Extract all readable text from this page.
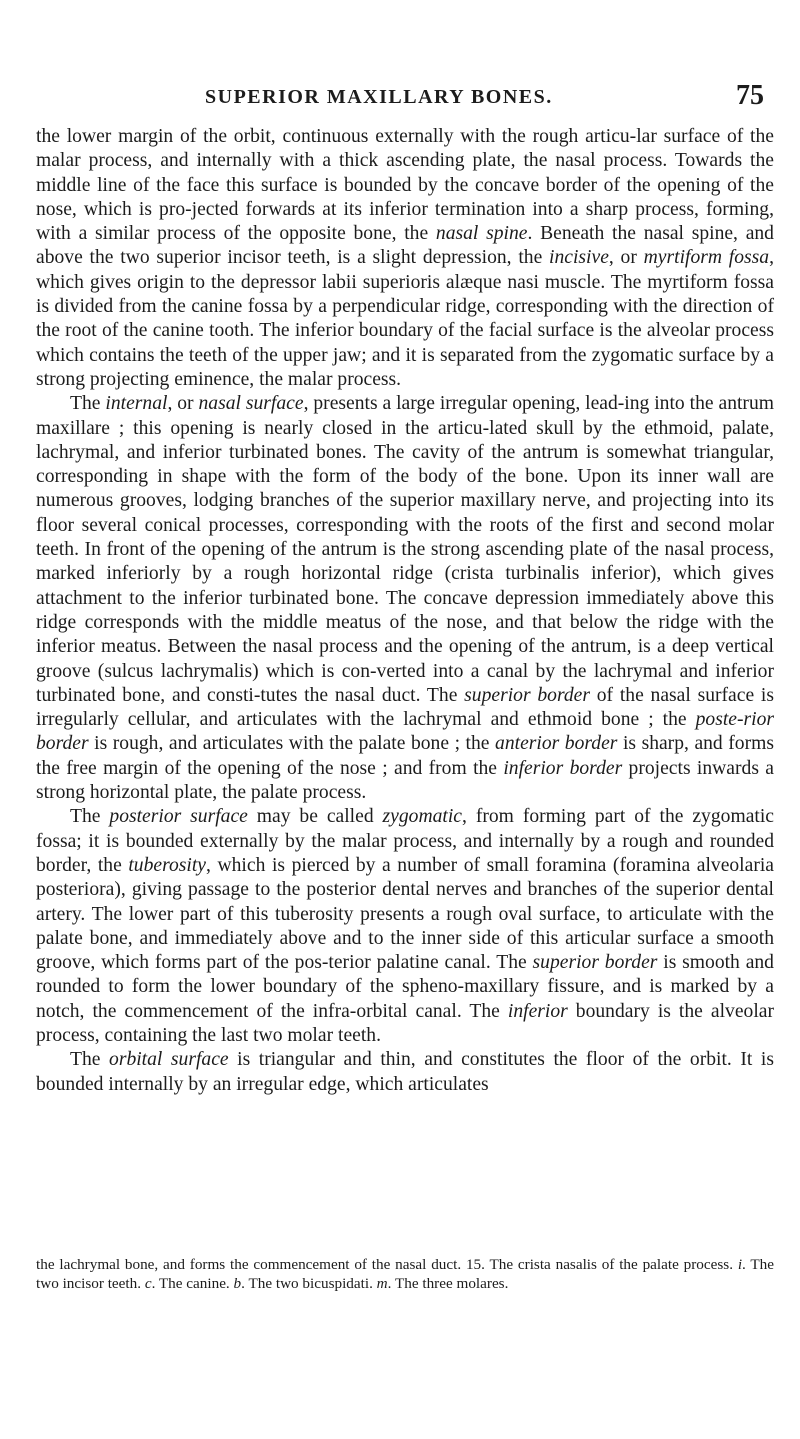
SUPERIOR MAXILLARY BONES.	75

the lower margin of the orbit, continuous externally with the rough articu-lar surface of the malar process, and internally with a thick ascending plate, the nasal process. Towards the middle line of the face this surface is bounded by the concave border of the opening of the nose, which is pro-jected forwards at its inferior termination into a sharp process, forming, with a similar process of the opposite bone, the nasal spine. Beneath the nasal spine, and above the two superior incisor teeth, is a slight depression, the incisive, or myrtiform fossa, which gives origin to the depressor labii superioris alæque nasi muscle. The myrtiform fossa is divided from the canine fossa by a perpendicular ridge, corresponding with the direction of the root of the canine tooth. The inferior boundary of the facial surface is the alveolar process which contains the teeth of the upper jaw; and it is separated from the zygomatic surface by a strong projecting eminence, the malar process.

The internal, or nasal surface, presents a large irregular opening, lead-ing into the antrum maxillare ; this opening is nearly closed in the articu-lated skull by the ethmoid, palate, lachrymal, and inferior turbinated bones. The cavity of the antrum is somewhat triangular, corresponding in shape with the form of the body of the bone. Upon its inner wall are numerous grooves, lodging branches of the superior maxillary nerve, and projecting into its floor several conical processes, corresponding with the roots of the first and second molar teeth. In front of the opening of the antrum is the strong ascending plate of the nasal process, marked inferiorly by a rough horizontal ridge (crista turbinalis inferior), which gives attachment to the inferior turbinated bone. The concave depression immediately above this ridge corresponds with the middle meatus of the nose, and that below the ridge with the inferior meatus. Between the nasal process and the opening of the antrum, is a deep vertical groove (sulcus lachrymalis) which is con-verted into a canal by the lachrymal and inferior turbinated bone, and consti-tutes the nasal duct. The superior border of the nasal surface is irregularly cellular, and articulates with the lachrymal and ethmoid bone ; the poste-rior border is rough, and articulates with the palate bone ; the anterior border is sharp, and forms the free margin of the opening of the nose ; and from the inferior border projects inwards a strong horizontal plate, the palate process.

The posterior surface may be called zygomatic, from forming part of the zygomatic fossa; it is bounded externally by the malar process, and internally by a rough and rounded border, the tuberosity, which is pierced by a number of small foramina (foramina alveolaria posteriora), giving passage to the posterior dental nerves and branches of the superior dental artery. The lower part of this tuberosity presents a rough oval surface, to articulate with the palate bone, and immediately above and to the inner side of this articular surface a smooth groove, which forms part of the pos-terior palatine canal. The superior border is smooth and rounded to form the lower boundary of the spheno-maxillary fissure, and is marked by a notch, the commencement of the infra-orbital canal. The inferior boundary is the alveolar process, containing the last two molar teeth.

The orbital surface is triangular and thin, and constitutes the floor of the orbit. It is bounded internally by an irregular edge, which articulates

the lachrymal bone, and forms the commencement of the nasal duct. 15. The crista nasalis of the palate process. i. The two incisor teeth. c. The canine. b. The two bicuspidati. m. The three molares.
